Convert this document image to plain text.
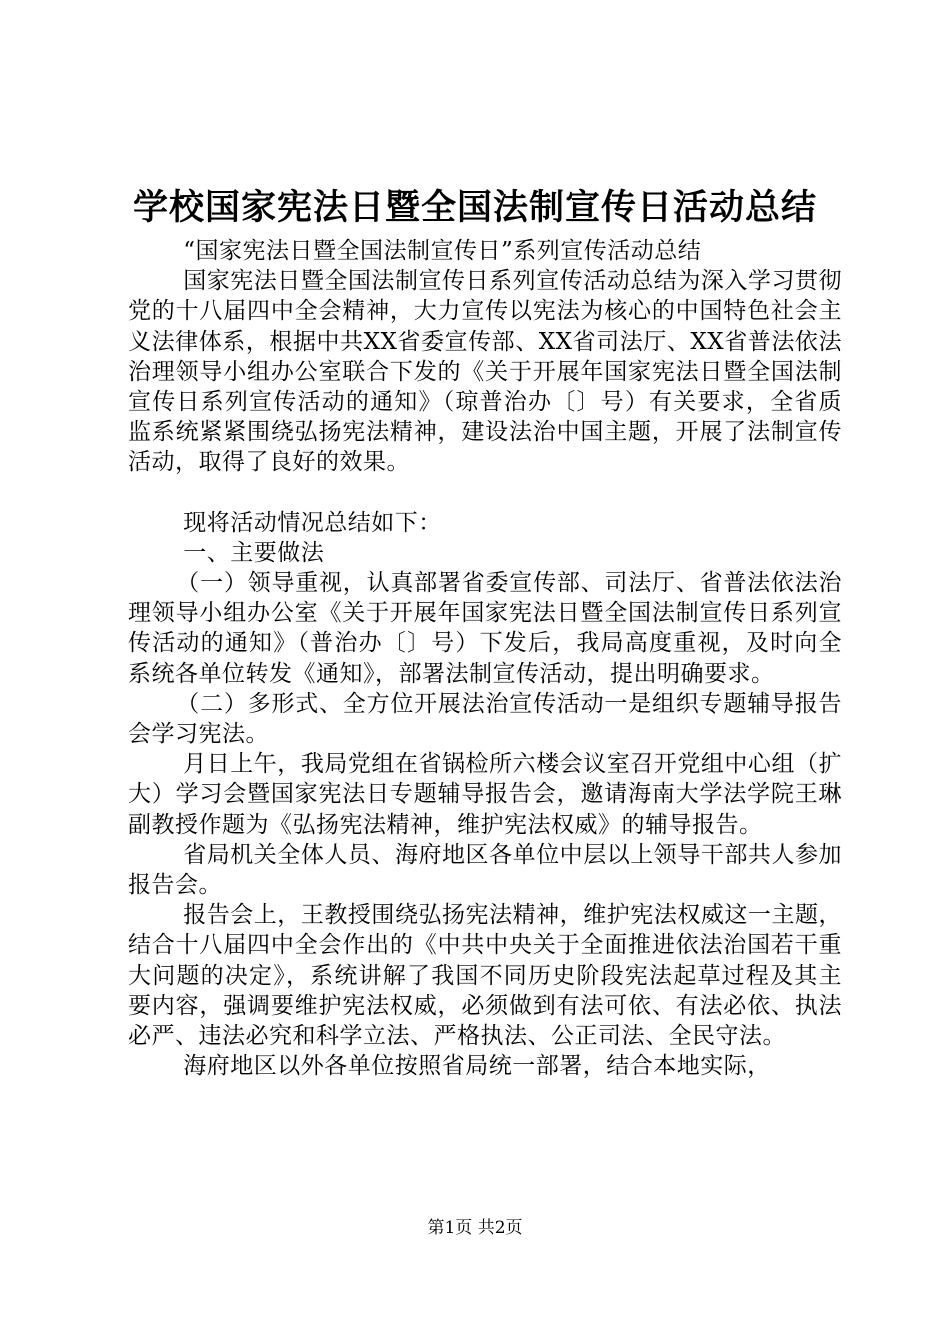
学校国家宪法日暨全国法制宣传日活动总结

“国家宪法日暨全国法制宣传日”系列宣传活动总结

国家宪法日暨全国法制宣传日系列宣传活动总结为深入学习贯彻党的十八届四中全会精神，大力宣传以宪法为核心的中国特色社会主义法律体系，根据中共XX省委宣传部、XX省司法厅、XX省普法依法治理领导小组办公室联合下发的《关于开展年国家宪法日暨全国法制宣传日系列宣传活动的通知》（琼普治办〔〕号）有关要求，全省质监系统紧紧围绕弘扬宪法精神，建设法治中国主题，开展了法制宣传活动，取得了良好的效果。

现将活动情况总结如下：

一、主要做法

（一）领导重视，认真部署省委宣传部、司法厅、省普法依法治理领导小组办公室《关于开展年国家宪法日暨全国法制宣传日系列宣传活动的通知》（普治办〔〕号）下发后，我局高度重视，及时向全系统各单位转发《通知》，部署法制宣传活动，提出明确要求。

（二）多形式、全方位开展法治宣传活动一是组织专题辅导报告会学习宪法。

月日上午，我局党组在省锅检所六楼会议室召开党组中心组（扩大）学习会暨国家宪法日专题辅导报告会，邀请海南大学法学院王琳副教授作题为《弘扬宪法精神，维护宪法权威》的辅导报告。

省局机关全体人员、海府地区各单位中层以上领导干部共人参加报告会。

报告会上，王教授围绕弘扬宪法精神，维护宪法权威这一主题，结合十八届四中全会作出的《中共中央关于全面推进依法治国若干重大问题的决定》，系统讲解了我国不同历史阶段宪法起草过程及其主要内容，强调要维护宪法权威，必须做到有法可依、有法必依、执法必严、违法必究和科学立法、严格执法、公正司法、全民守法。

海府地区以外各单位按照省局统一部署，结合本地实际，

第1页 共2页
